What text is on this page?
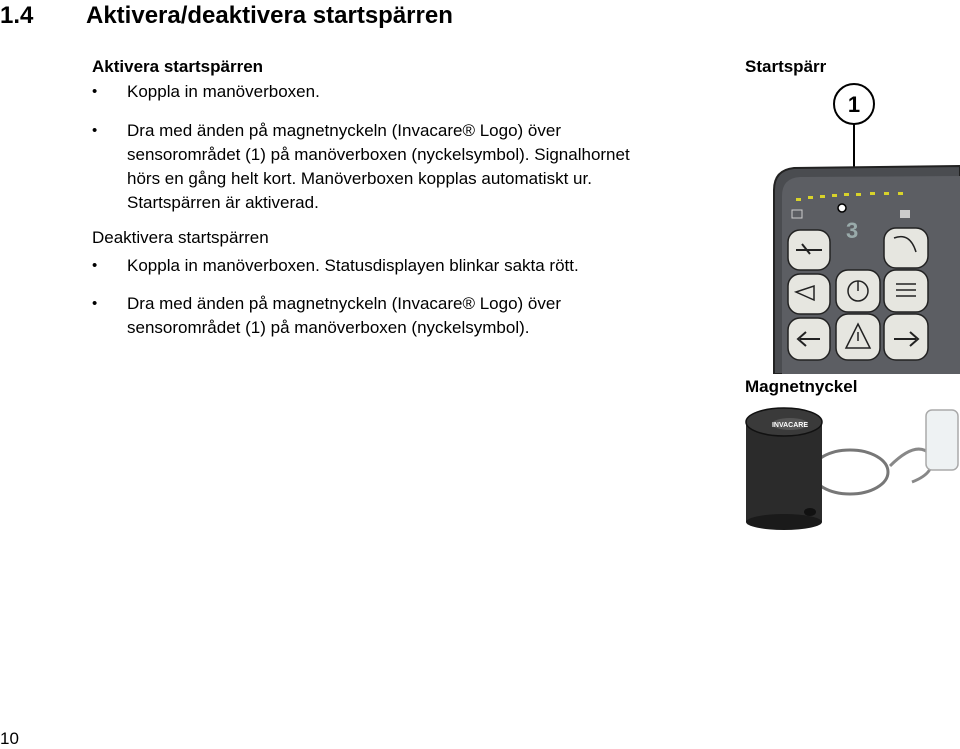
1.4 Aktivera/deaktivera startspärren
Aktivera startspärren
• Koppla in manöverboxen.
• Dra med änden på magnetnyckeln (Invacare® Logo) över
sensorområdet (1) på manöverboxen (nyckelsymbol). Signalhornet
hörs en gång helt kort. Manöverboxen kopplas automatiskt ur.
Startspärren är aktiverad.
Deaktivera startspärren
• Koppla in manöverboxen. Statusdisplayen blinkar sakta rött.
• Dra med änden på magnetnyckeln (Invacare® Logo) över
sensorområdet (1) på manöverboxen (nyckelsymbol).
Startspärr
1
3
Magnetnyckel
INVACARE
10
